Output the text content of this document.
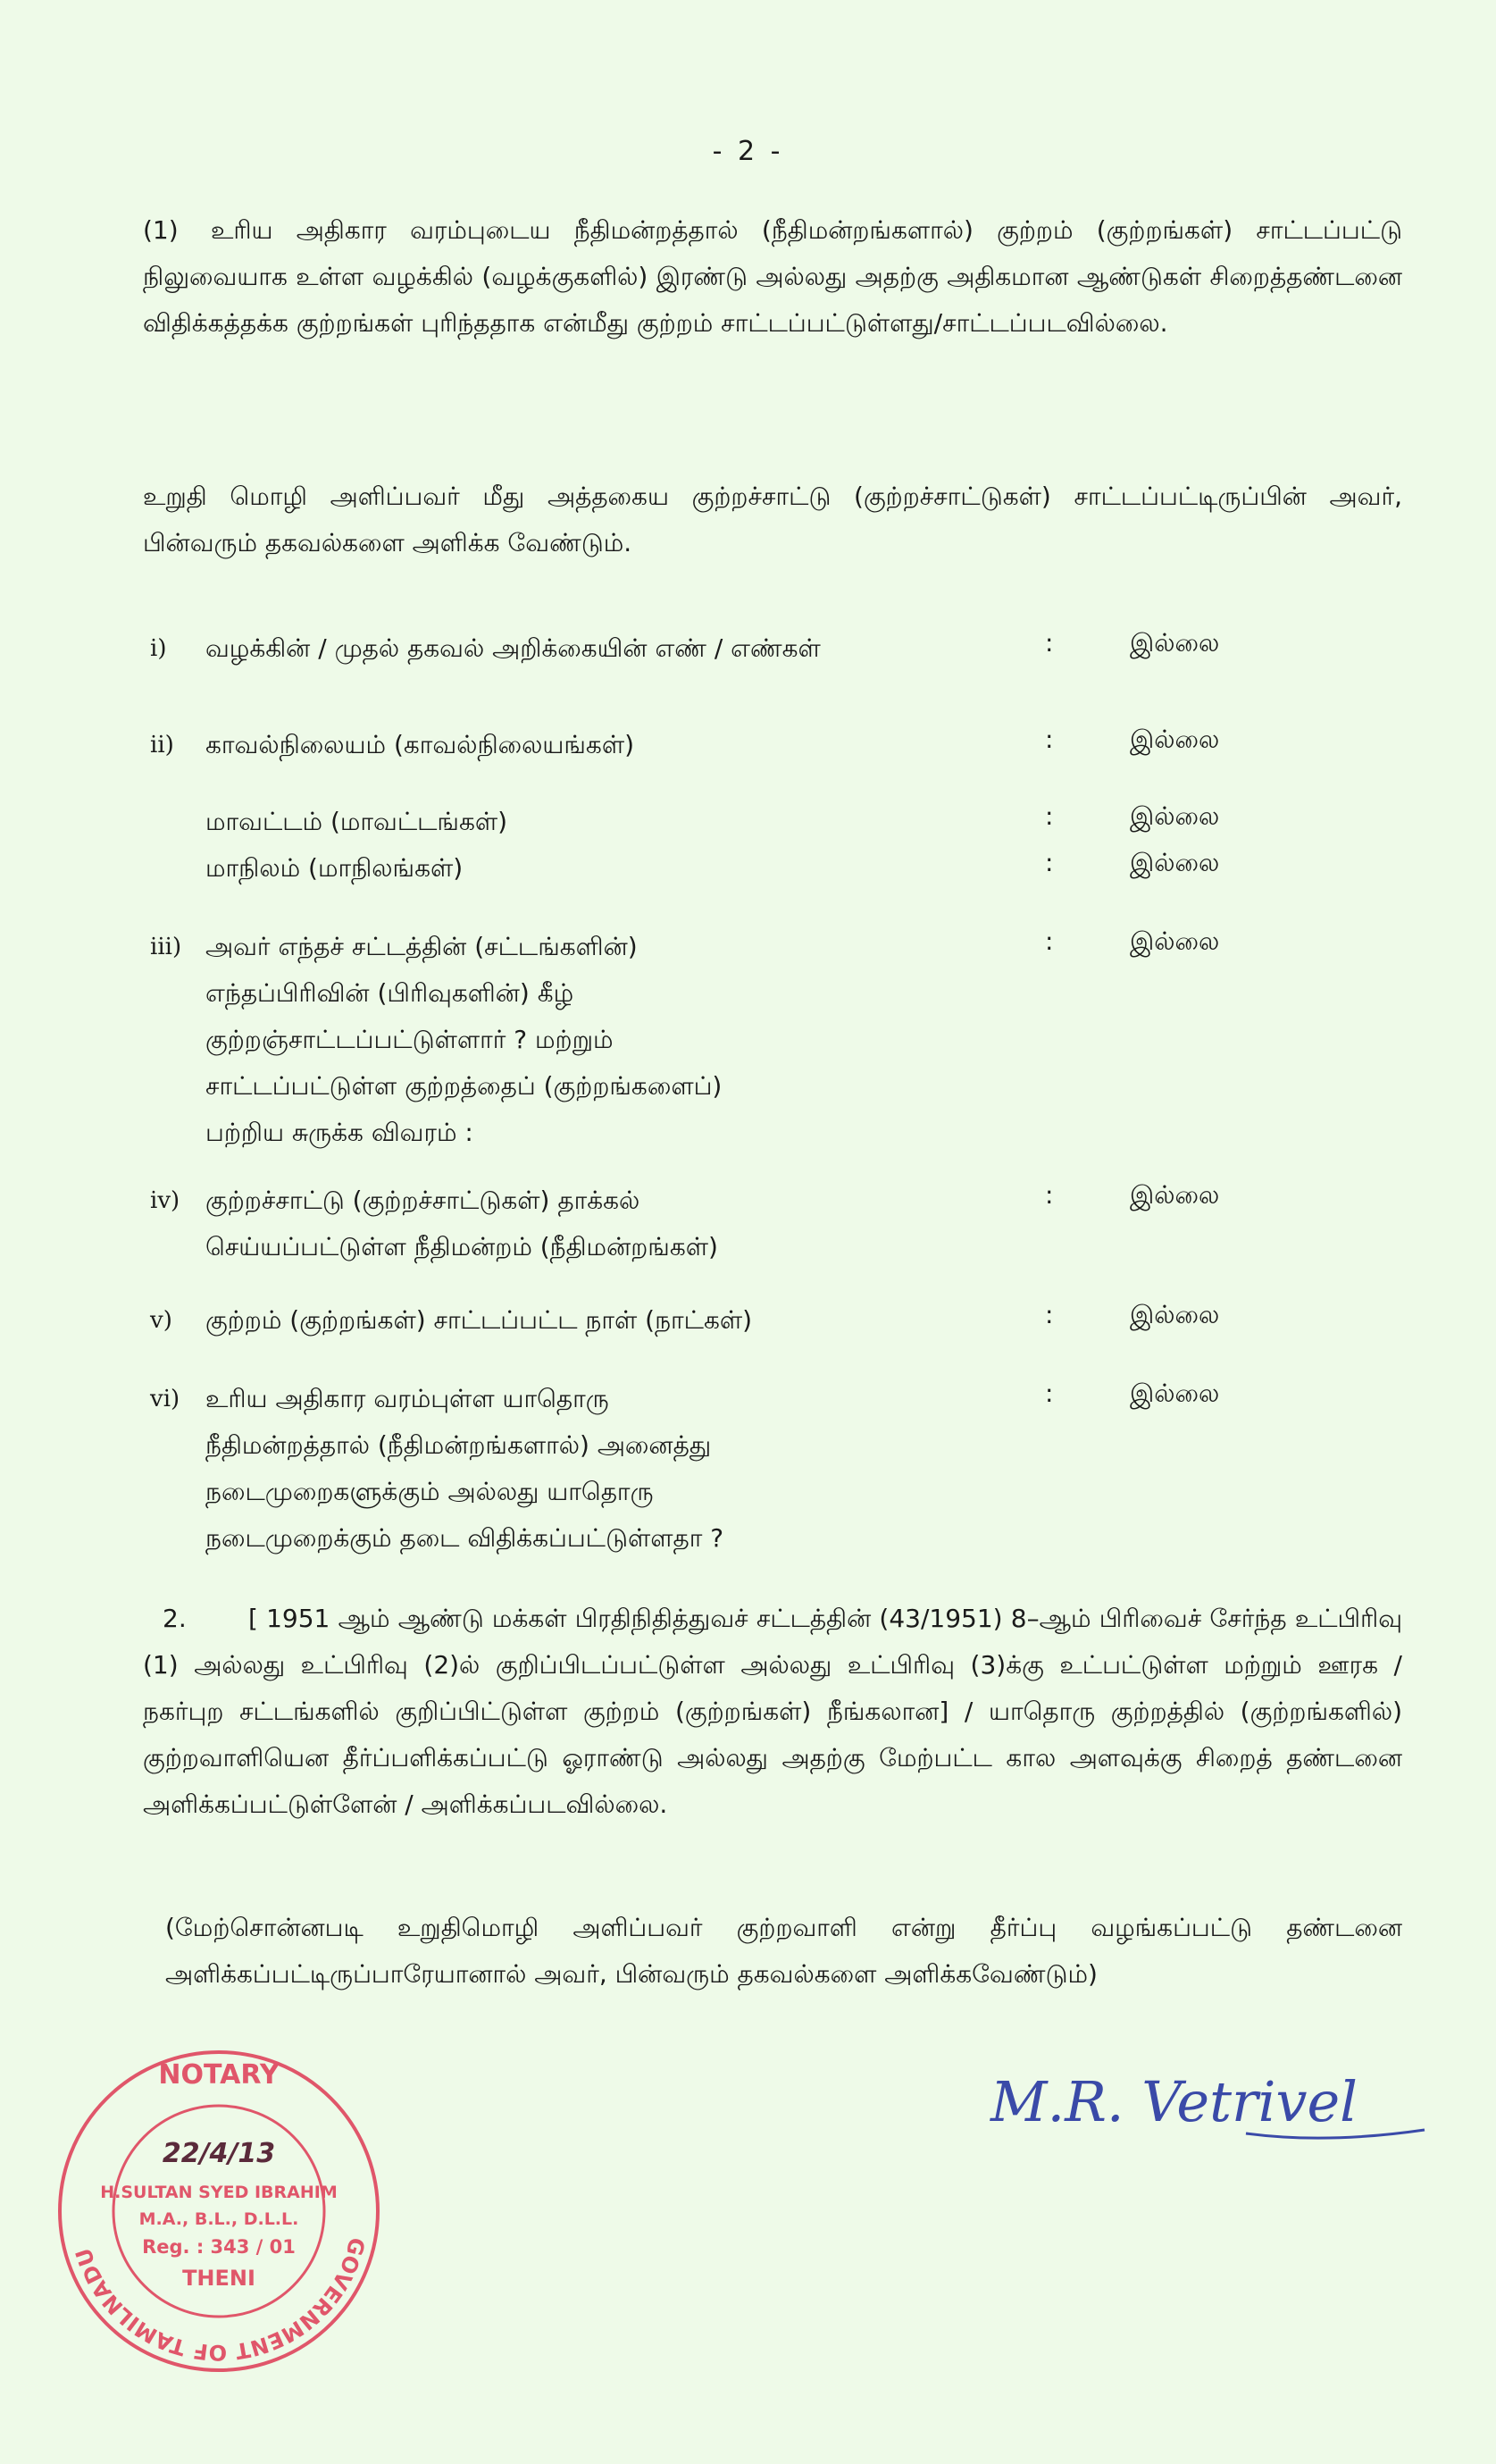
- 2 -
(1) உரிய அதிகார வரம்புடைய நீதிமன்றத்தால் (நீதிமன்றங்களால்) குற்றம் (குற்றங்கள்) சாட்டப்பட்டு நிலுவையாக உள்ள வழக்கில் (வழக்குகளில்) இரண்டு அல்லது அதற்கு அதிகமான ஆண்டுகள் சிறைத்தண்டனை விதிக்கத்தக்க குற்றங்கள் புரிந்ததாக என்மீது குற்றம் சாட்டப்பட்டுள்ளது/சாட்டப்படவில்லை.
உறுதி மொழி அளிப்பவர் மீது அத்தகைய குற்றச்சாட்டு (குற்றச்சாட்டுகள்) சாட்டப்பட்டிருப்பின் அவர், பின்வரும் தகவல்களை அளிக்க வேண்டும்.
i) வழக்கின் / முதல் தகவல் அறிக்கையின் எண் / எண்கள்	:	இல்லை
ii) காவல்நிலையம் (காவல்நிலையங்கள்)	:	இல்லை
மாவட்டம் (மாவட்டங்கள்)	:	இல்லை
மாநிலம் (மாநிலங்கள்)	:	இல்லை
iii) அவர் எந்தச் சட்டத்தின் (சட்டங்களின்)
எந்தப்பிரிவின் (பிரிவுகளின்) கீழ்
குற்றஞ்சாட்டப்பட்டுள்ளார் ? மற்றும்
சாட்டப்பட்டுள்ள குற்றத்தைப் (குற்றங்களைப்)
பற்றிய சுருக்க விவரம் :
:	இல்லை
iv) குற்றச்சாட்டு (குற்றச்சாட்டுகள்) தாக்கல்
செய்யப்பட்டுள்ள நீதிமன்றம் (நீதிமன்றங்கள்)
:	இல்லை
v) குற்றம் (குற்றங்கள்) சாட்டப்பட்ட நாள் (நாட்கள்)	:	இல்லை
vi) உரிய அதிகார வரம்புள்ள யாதொரு
நீதிமன்றத்தால் (நீதிமன்றங்களால்) அனைத்து
நடைமுறைகளுக்கும் அல்லது யாதொரு
நடைமுறைக்கும் தடை விதிக்கப்பட்டுள்ளதா ?
:	இல்லை
2. [ 1951 ஆம் ஆண்டு மக்கள் பிரதிநிதித்துவச் சட்டத்தின் (43/1951) 8–ஆம் பிரிவைச் சேர்ந்த உட்பிரிவு (1) அல்லது உட்பிரிவு (2)ல் குறிப்பிடப்பட்டுள்ள அல்லது உட்பிரிவு (3)க்கு உட்பட்டுள்ள மற்றும் ஊரக / நகர்புற சட்டங்களில் குறிப்பிட்டுள்ள குற்றம் (குற்றங்கள்) நீங்கலான] / யாதொரு குற்றத்தில் (குற்றங்களில்) குற்றவாளியென தீர்ப்பளிக்கப்பட்டு ஓராண்டு அல்லது அதற்கு மேற்பட்ட கால அளவுக்கு சிறைத் தண்டனை அளிக்கப்பட்டுள்ளேன் / அளிக்கப்படவில்லை.
(மேற்சொன்னபடி உறுதிமொழி அளிப்பவர் குற்றவாளி என்று தீர்ப்பு வழங்கப்பட்டு தண்டனை அளிக்கப்பட்டிருப்பாரேயானால் அவர், பின்வரும் தகவல்களை அளிக்கவேண்டும்)
NOTARY
GOVERNMENT OF TAMILNADU
22/4/13
H.SULTAN SYED IBRAHIM
M.A., B.L., D.L.L.
Reg. : 343 / 01
THENI
M.R. Vetrivel
